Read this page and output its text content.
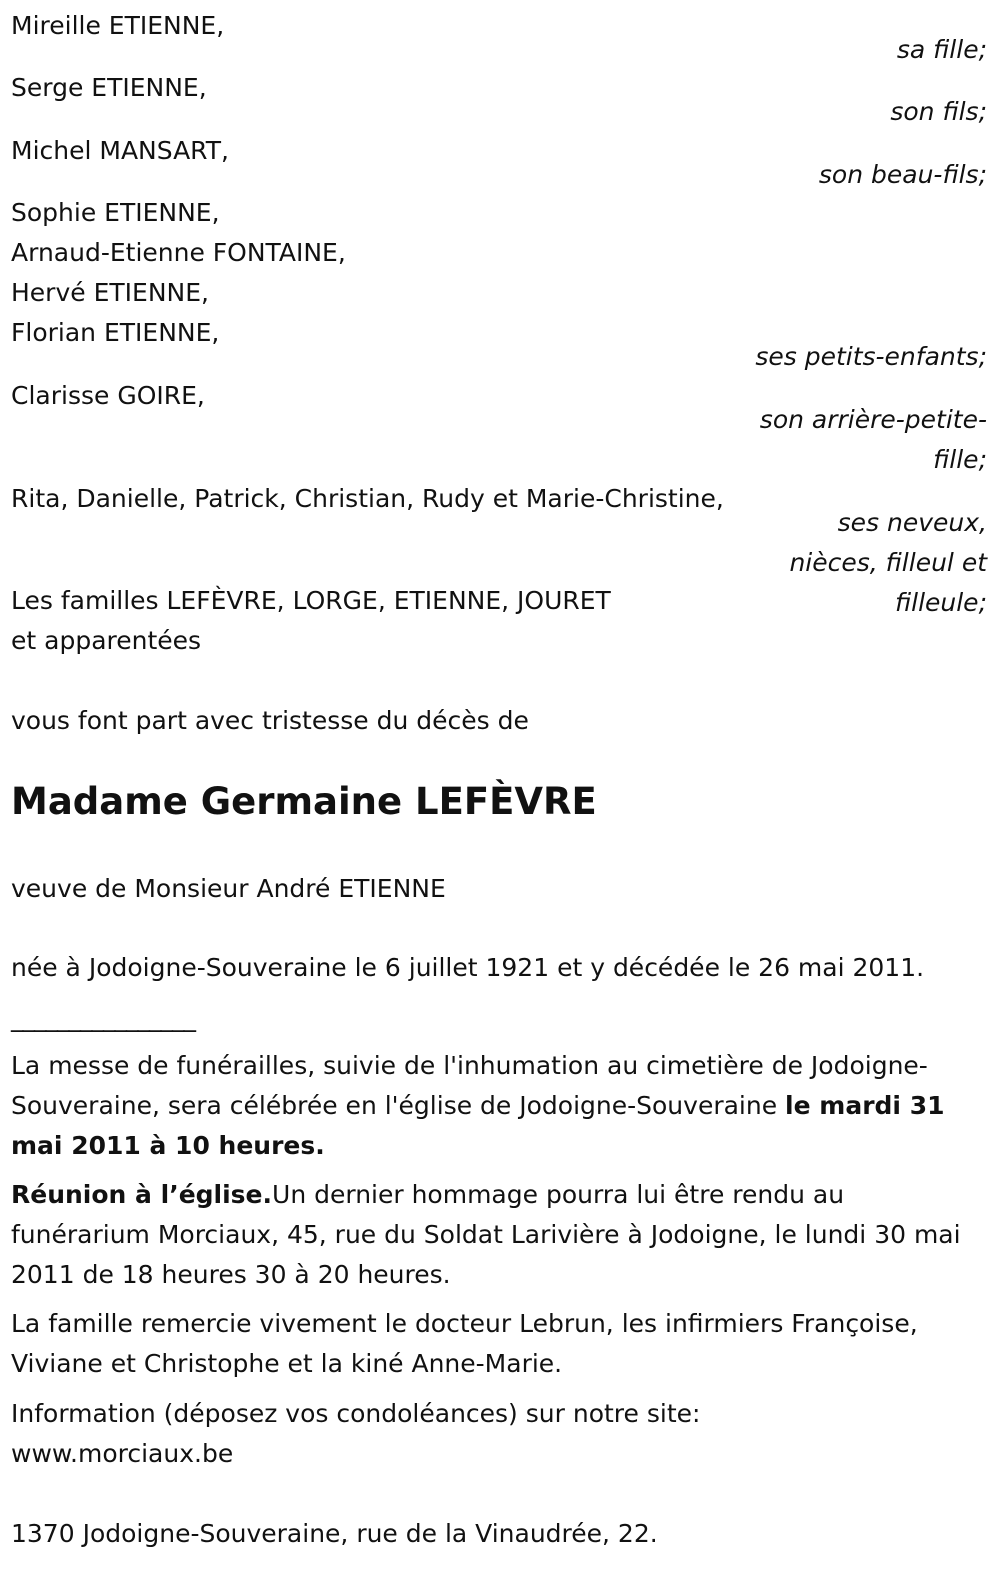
Mireille ETIENNE,
sa fille;
Serge ETIENNE,
son fils;
Michel MANSART,
son beau-fils;
Sophie ETIENNE,
Arnaud-Etienne FONTAINE,
Hervé ETIENNE,
Florian ETIENNE,
ses petits-enfants;
Clarisse GOIRE,
son arrière-petite-fille;
Rita, Danielle, Patrick, Christian, Rudy et Marie-Christine,
ses neveux, nièces, filleul et filleule;
Les familles LEFÈVRE, LORGE, ETIENNE, JOURET
et apparentées
vous font part avec tristesse du décès de
Madame Germaine LEFÈVRE
veuve de Monsieur André ETIENNE
née à Jodoigne-Souveraine le 6 juillet 1921 et y décédée le 26 mai 2011.
________________
La messe de funérailles, suivie de l'inhumation au cimetière de Jodoigne-Souveraine, sera célébrée en l'église de Jodoigne-Souveraine le mardi 31 mai 2011 à 10 heures.
Réunion à l’église.Un dernier hommage pourra lui être rendu au funérarium Morciaux, 45, rue du Soldat Larivière à Jodoigne, le lundi 30 mai 2011 de 18 heures 30 à 20 heures.
La famille remercie vivement le docteur Lebrun, les infirmiers Françoise, Viviane et Christophe et la kiné Anne-Marie.
Information (déposez vos condoléances) sur notre site:
www.morciaux.be
1370 Jodoigne-Souveraine, rue de la Vinaudrée, 22.
